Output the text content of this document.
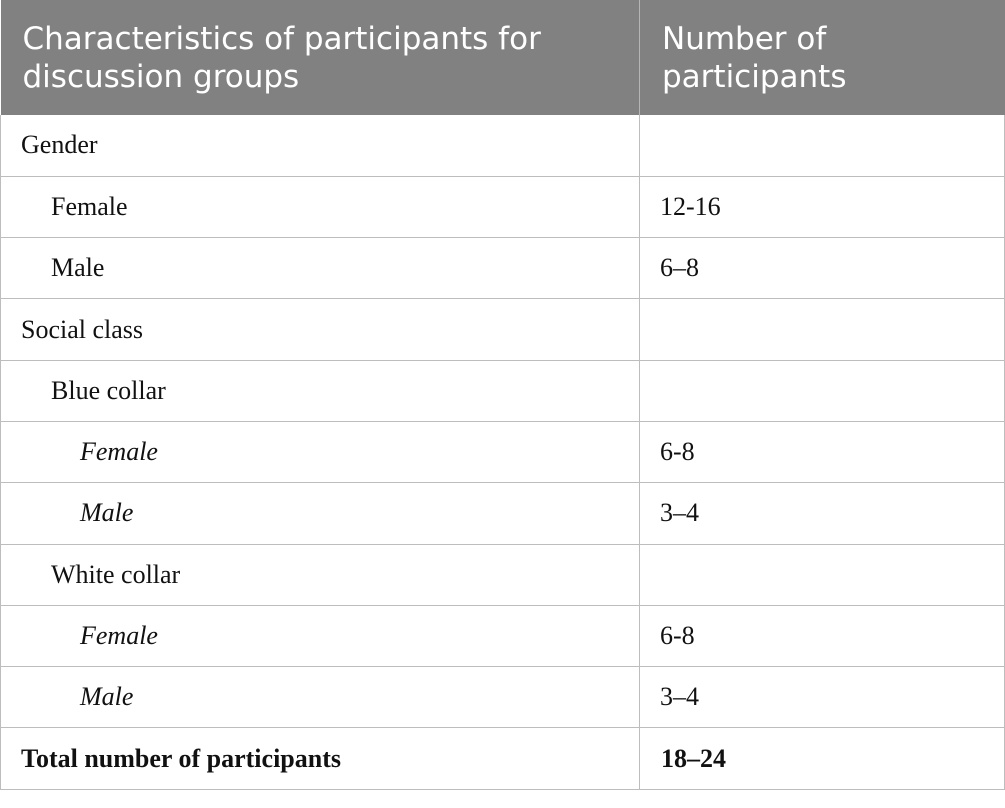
Characteristics of participants for discussion groups	Number of participants
Gender	
Female	12-16
Male	6–8
Social class	
Blue collar	
Female	6-8
Male	3–4
White collar	
Female	6-8
Male	3–4
Total number of participants	18–24
